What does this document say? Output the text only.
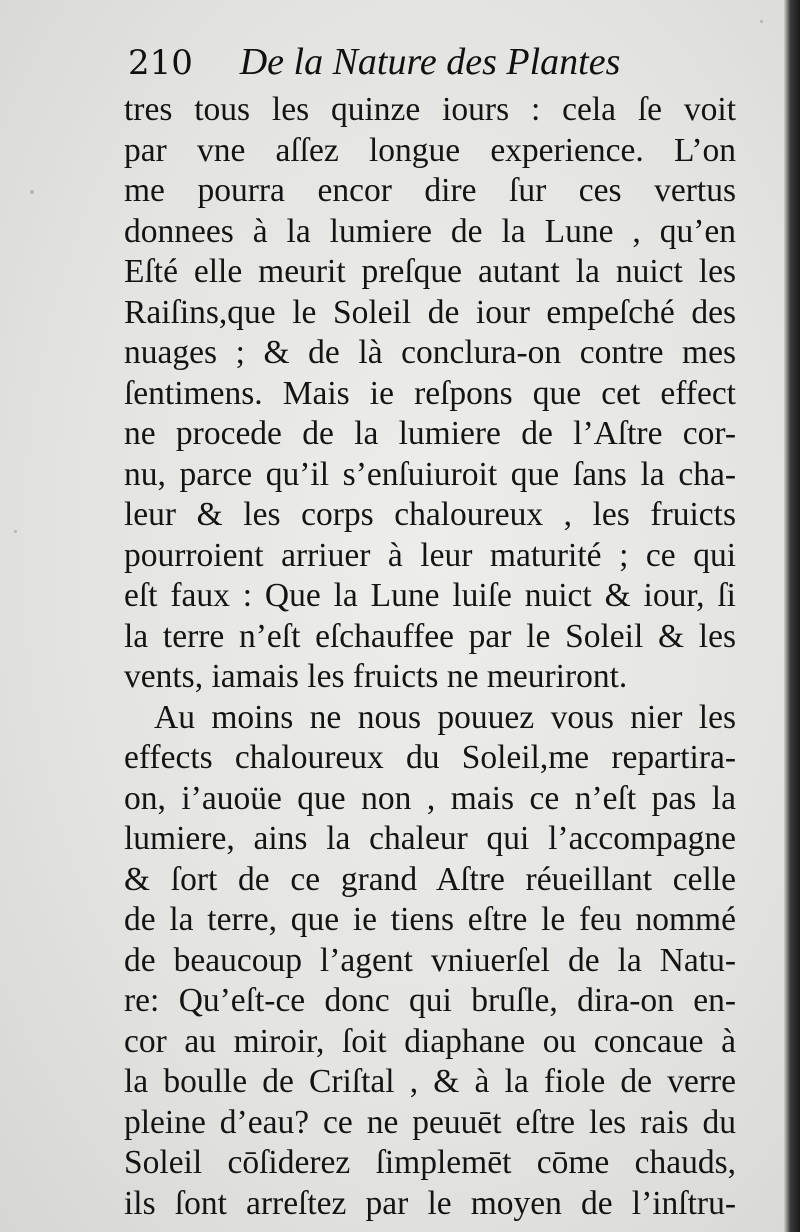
210 De la Nature des Plantes
tres tous les quinze iours : cela ſe voit
par vne aſſez longue experience. L’on
me pourra encor dire ſur ces vertus
donnees à la lumiere de la Lune , qu’en
Eſté elle meurit preſque autant la nuict les
Raiſins,que le Soleil de iour empeſché des
nuages ; & de là conclura-on contre mes
ſentimens. Mais ie reſpons que cet effect
ne procede de la lumiere de l’Aſtre cor-
nu, parce qu’il s’enſuiuroit que ſans la cha-
leur & les corps chaloureux , les fruicts
pourroient arriuer à leur maturité ; ce qui
eſt faux : Que la Lune luiſe nuict & iour, ſi
la terre n’eſt eſchauffee par le Soleil & les
vents, iamais les fruicts ne meuriront.
Au moins ne nous pouuez vous nier les
effects chaloureux du Soleil,me repartira-
on, i’auoüe que non , mais ce n’eſt pas la
lumiere, ains la chaleur qui l’accompagne
& ſort de ce grand Aſtre réueillant celle
de la terre, que ie tiens eſtre le feu nommé
de beaucoup l’agent vniuerſel de la Natu-
re: Qu’eſt-ce donc qui bruſle, dira-on en-
cor au miroir, ſoit diaphane ou concaue à
la boulle de Criſtal , & à la fiole de verre
pleine d’eau? ce ne peuuēt eſtre les rais du
Soleil cōſiderez ſimplemēt cōme chauds,
ils ſont arreſtez par le moyen de l’inſtru-
